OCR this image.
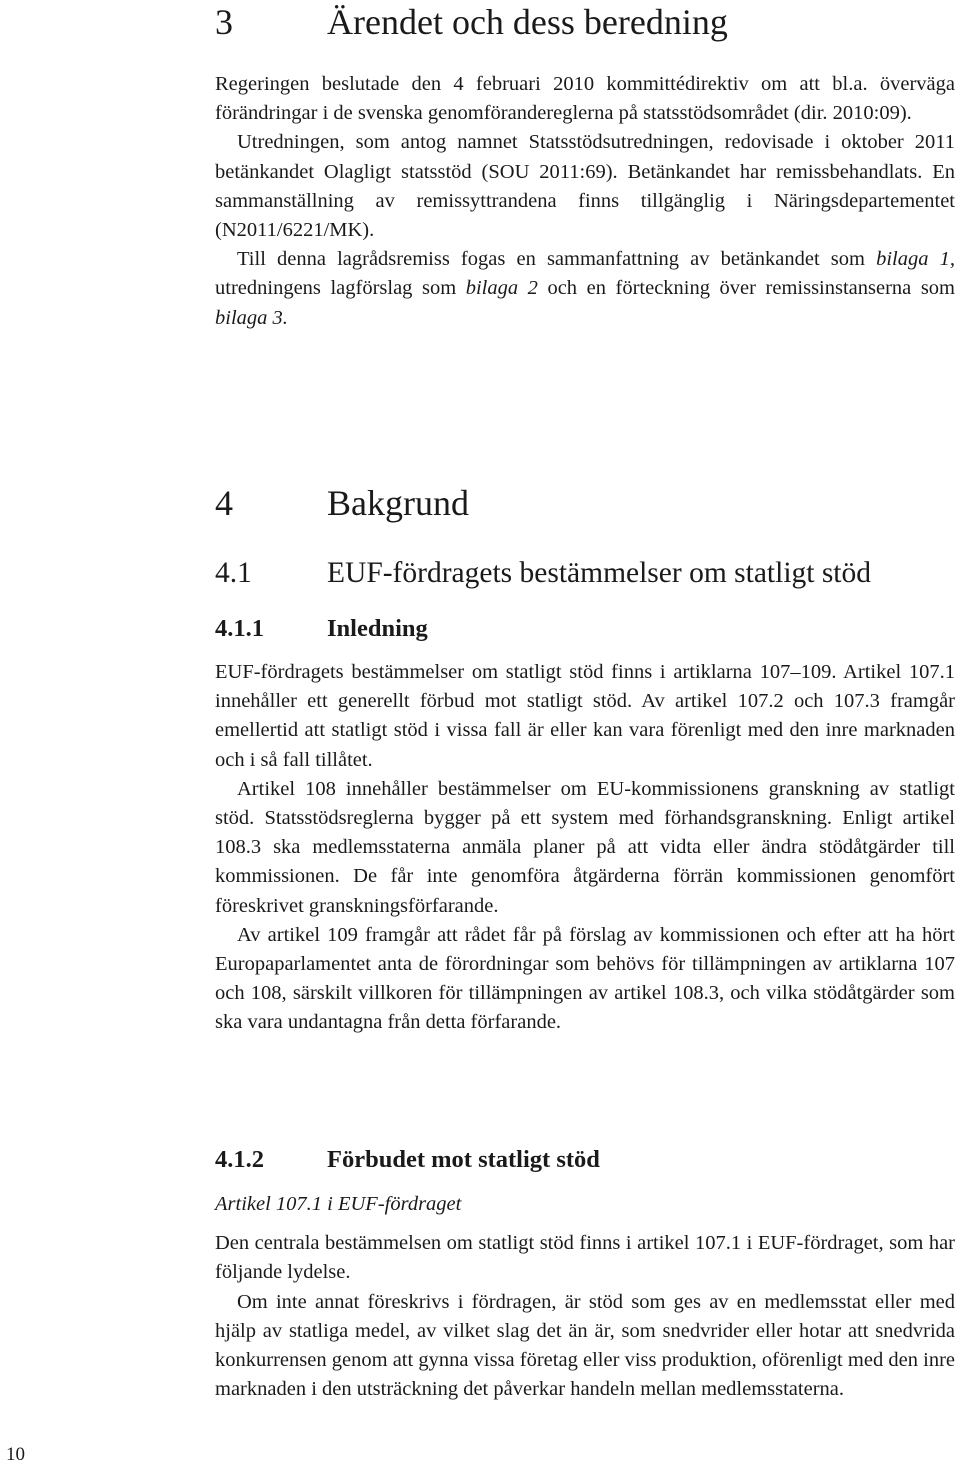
3	Ärendet och dess beredning

Regeringen beslutade den 4 februari 2010 kommittédirektiv om att bl.a. överväga förändringar i de svenska genomförandereglerna på statsstödsområdet (dir. 2010:09).

Utredningen, som antog namnet Statsstödsutredningen, redovisade i oktober 2011 betänkandet Olagligt statsstöd (SOU 2011:69). Betänkandet har remissbehandlats. En sammanställning av remissyttrandena finns tillgänglig i Näringsdepartementet (N2011/6221/MK).

Till denna lagrådsremiss fogas en sammanfattning av betänkandet som bilaga 1, utredningens lagförslag som bilaga 2 och en förteckning över remissinstanserna som bilaga 3.

4	Bakgrund
4.1	EUF-fördragets bestämmelser om statligt stöd
4.1.1	Inledning

EUF-fördragets bestämmelser om statligt stöd finns i artiklarna 107–109. Artikel 107.1 innehåller ett generellt förbud mot statligt stöd. Av artikel 107.2 och 107.3 framgår emellertid att statligt stöd i vissa fall är eller kan vara förenligt med den inre marknaden och i så fall tillåtet.

Artikel 108 innehåller bestämmelser om EU-kommissionens granskning av statligt stöd. Statsstödsreglerna bygger på ett system med förhandsgranskning. Enligt artikel 108.3 ska medlemsstaterna anmäla planer på att vidta eller ändra stödåtgärder till kommissionen. De får inte genomföra åtgärderna förrän kommissionen genomfört föreskrivet granskningsförfarande.

Av artikel 109 framgår att rådet får på förslag av kommissionen och efter att ha hört Europaparlamentet anta de förordningar som behövs för tillämpningen av artiklarna 107 och 108, särskilt villkoren för tillämpningen av artikel 108.3, och vilka stödåtgärder som ska vara undantagna från detta förfarande.

4.1.2	Förbudet mot statligt stöd

Artikel 107.1 i EUF-fördraget

Den centrala bestämmelsen om statligt stöd finns i artikel 107.1 i EUF-fördraget, som har följande lydelse.

Om inte annat föreskrivs i fördragen, är stöd som ges av en medlemsstat eller med hjälp av statliga medel, av vilket slag det än är, som snedvrider eller hotar att snedvrida konkurrensen genom att gynna vissa företag eller viss produktion, oförenligt med den inre marknaden i den utsträckning det påverkar handeln mellan medlemsstaterna.

10
